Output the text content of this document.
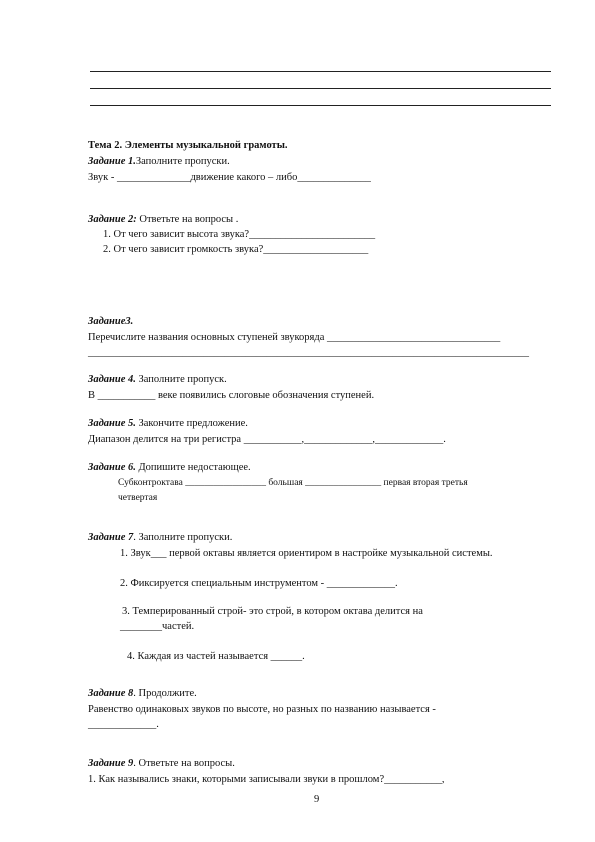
Тема 2. Элементы музыкальной грамоты.
Задание 1.Заполните пропуски.
Звук - ______________движение какого – либо______________
Задание 2: Ответьте на вопросы .
1. От чего зависит высота звука?________________________
2. От чего зависит громкость звука?____________________
Задание3.
Перечислите названия основных ступеней звукоряда _________________________________
____________________________________________________________________________________
Задание 4. Заполните пропуск.
В ___________ веке появились слоговые обозначения ступеней.
Задание 5. Закончите предложение.
Диапазон делится на три регистра ___________,_____________,_____________.
Задание 6. Допишите недостающее.
Субконтроктава _________________ большая ________________ первая вторая третья
четвертая
Задание 7. Заполните пропуски.
1. Звук___ первой октавы является ориентиром в настройке музыкальной системы.
2. Фиксируется специальным инструментом - _____________.
3. Темперированный строй- это строй, в котором октава делится на
________частей.
4. Каждая из частей называется ______.
Задание 8. Продолжите.
Равенство одинаковых звуков по высоте, но разных по названию называется -
_____________.
Задание 9. Ответьте на вопросы.
1. Как назывались знаки, которыми записывали звуки в прошлом?___________,
9
